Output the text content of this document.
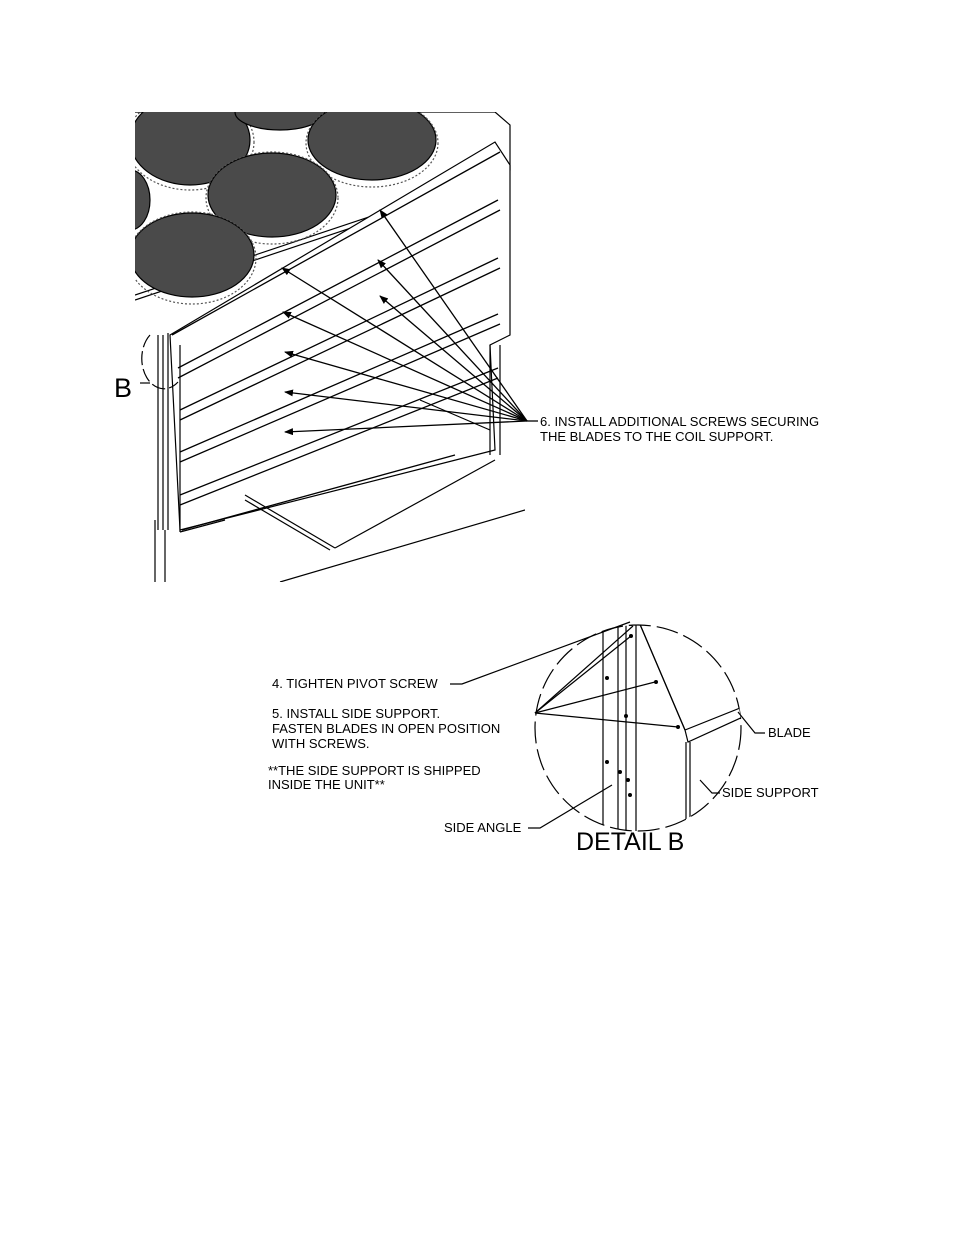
B
6. INSTALL ADDITIONAL SCREWS SECURING
THE BLADES TO THE COIL SUPPORT.
4. TIGHTEN PIVOT SCREW
5. INSTALL SIDE SUPPORT.
FASTEN BLADES IN OPEN POSITION
WITH SCREWS.
**THE SIDE SUPPORT IS SHIPPED
INSIDE THE UNIT**
BLADE
SIDE SUPPORT
SIDE ANGLE
DETAIL B
